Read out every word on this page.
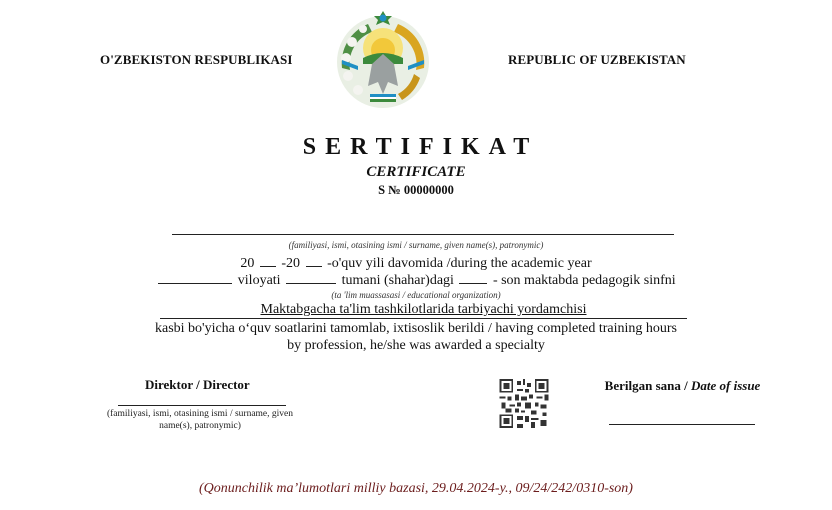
O'ZBEKISTON RESPUBLIKASI	REPUBLIC OF UZBEKISTAN
SERTIFIKAT
CERTIFICATE
S № 00000000
(familiyasi, ismi, otasining ismi / surname, given name(s), patronymic)
20 -20 -o'quv yili davomida /during the academic year
viloyati	tumani (shahar)dagi	- son maktabda pedagogik sinfni
(ta 'lim muassasasi / educational organization)
Maktabgacha ta'lim tashkilotlarida tarbiyachi yordamchisi
kasbi bo'yicha o‘quv soatlarini tamomlab, ixtisoslik berildi / having completed training hours
by profession, he/she was awarded a specialty
Direktor / Director
(familiyasi, ismi, otasining ismi / surname, given name(s), patronymic)
Berilgan sana / Date of issue
(Qonunchilik ma’lumotlari milliy bazasi, 29.04.2024-y., 09/24/242/0310-son)
